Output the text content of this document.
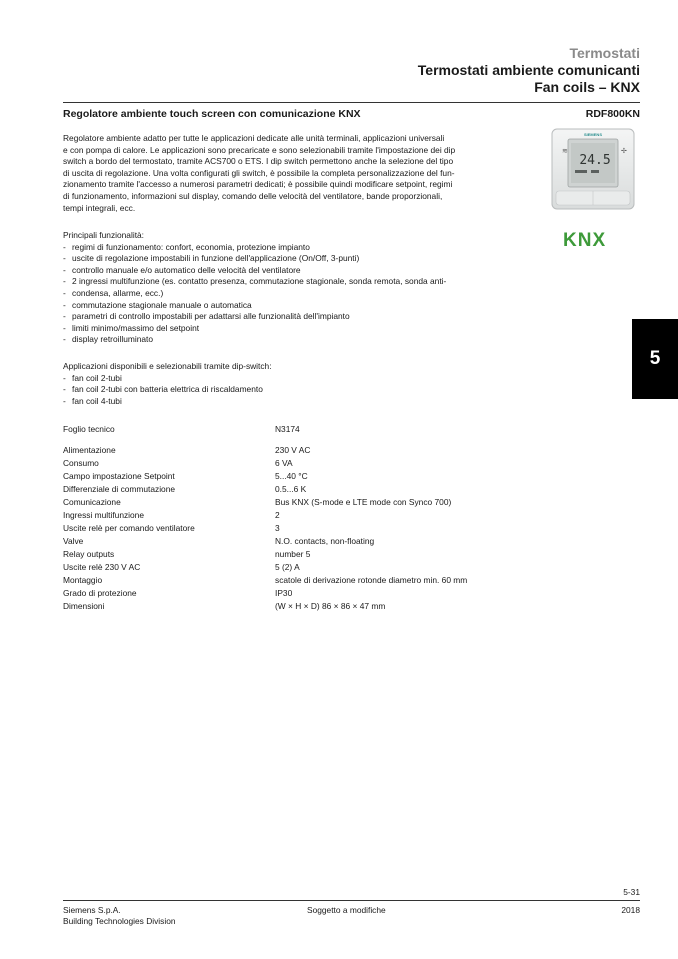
Termostati
Termostati ambiente comunicanti
Fan coils – KNX
Regolatore ambiente touch screen con comunicazione KNX	RDF800KN
Regolatore ambiente adatto per tutte le applicazioni dedicate alle unità terminali, applicazioni universali
e con pompa di calore. Le applicazioni sono precaricate e sono selezionabili tramite l'impostazione dei dip
switch a bordo del termostato, tramite ACS700 o ETS. I dip switch permettono anche la selezione del tipo
di uscita di regolazione. Una volta configurati gli switch, è possibile la completa personalizzazione del fun-
zionamento tramite l'accesso a numerosi parametri dedicati; è possibile quindi modificare setpoint, regimi
di funzionamento, informazioni sul display, comando delle velocità del ventilatore, bande proporzionali,
tempi integrali, ecc.
Principali funzionalità:
- regimi di funzionamento: confort, economia, protezione impianto
- uscite di regolazione impostabili in funzione dell'applicazione (On/Off, 3-punti)
- controllo manuale e/o automatico delle velocità del ventilatore
- 2 ingressi multifunzione (es. contatto presenza, commutazione stagionale, sonda remota, sonda anti-
- condensa, allarme, ecc.)
- commutazione stagionale manuale o automatica
- parametri di controllo impostabili per adattarsi alle funzionalità dell'impianto
- limiti minimo/massimo del setpoint
- display retroilluminato
Applicazioni disponibili e selezionabili tramite dip-switch:
- fan coil 2-tubi
- fan coil 2-tubi con batteria elettrica di riscaldamento
- fan coil 4-tubi
Foglio tecnico	N3174
Alimentazione	230 V AC
Consumo	6 VA
Campo impostazione Setpoint	5...40 °C
Differenziale di commutazione	0.5...6 K
Comunicazione	Bus KNX (S-mode e LTE mode con Synco 700)
Ingressi multifunzione	2
Uscite relè per comando ventilatore	3
Valve	N.O. contacts, non-floating
Relay outputs	number 5
Uscite relè 230 V AC	5 (2) A
Montaggio	scatole di derivazione rotonde diametro min. 60 mm
Grado di protezione	IP30
Dimensioni	(W × H × D) 86 × 86 × 47 mm
SIEMENS
24.5
≋	✢
KNX
5
5-31
Siemens S.p.A.
Building Technologies Division
Soggetto a modifiche	2018
